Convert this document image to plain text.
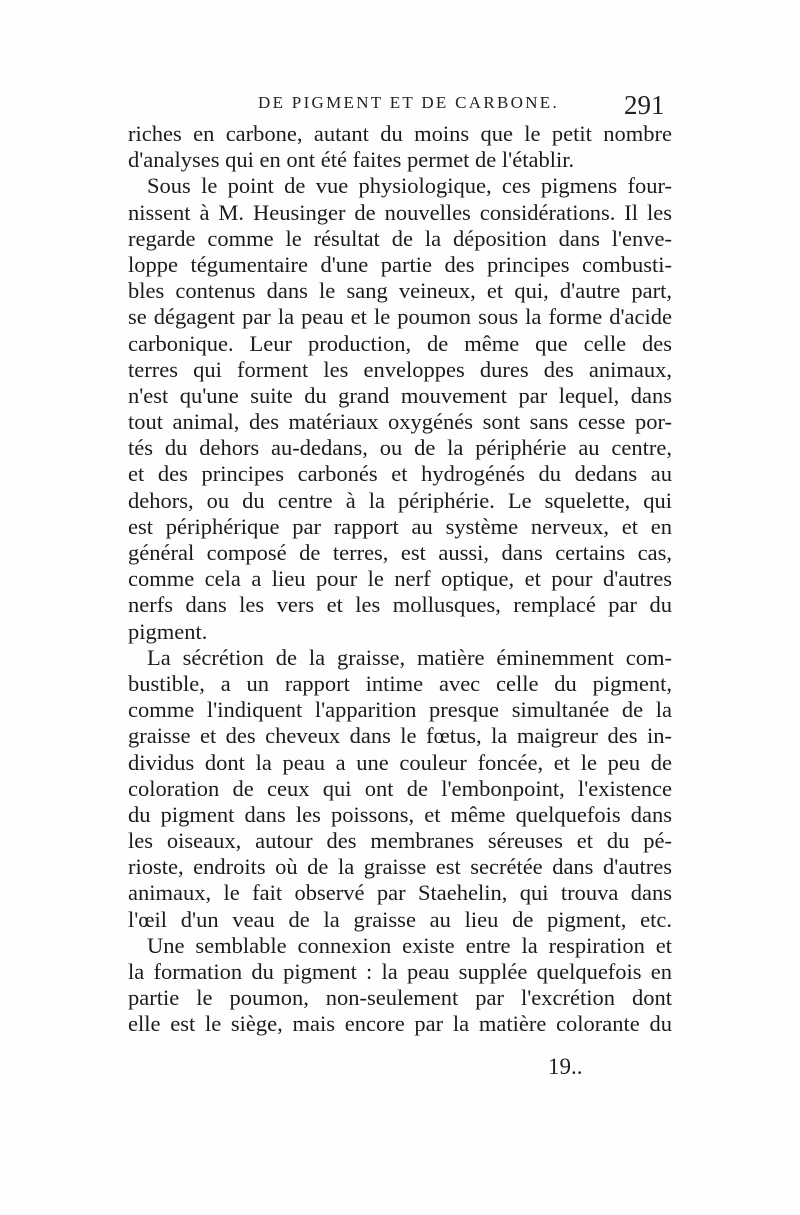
DE PIGMENT ET DE CARBONE. 291
riches en carbone, autant du moins que le petit nombre
d'analyses qui en ont été faites permet de l'établir.
Sous le point de vue physiologique, ces pigmens four-
nissent à M. Heusinger de nouvelles considérations. Il les
regarde comme le résultat de la déposition dans l'enve-
loppe tégumentaire d'une partie des principes combusti-
bles contenus dans le sang veineux, et qui, d'autre part,
se dégagent par la peau et le poumon sous la forme d'acide
carbonique. Leur production, de même que celle des
terres qui forment les enveloppes dures des animaux,
n'est qu'une suite du grand mouvement par lequel, dans
tout animal, des matériaux oxygénés sont sans cesse por-
tés du dehors au-dedans, ou de la périphérie au centre,
et des principes carbonés et hydrogénés du dedans au
dehors, ou du centre à la périphérie. Le squelette, qui
est périphérique par rapport au système nerveux, et en
général composé de terres, est aussi, dans certains cas,
comme cela a lieu pour le nerf optique, et pour d'autres
nerfs dans les vers et les mollusques, remplacé par du
pigment.
La sécrétion de la graisse, matière éminemment com-
bustible, a un rapport intime avec celle du pigment,
comme l'indiquent l'apparition presque simultanée de la
graisse et des cheveux dans le fœtus, la maigreur des in-
dividus dont la peau a une couleur foncée, et le peu de
coloration de ceux qui ont de l'embonpoint, l'existence
du pigment dans les poissons, et même quelquefois dans
les oiseaux, autour des membranes séreuses et du pé-
rioste, endroits où de la graisse est secrétée dans d'autres
animaux, le fait observé par Staehelin, qui trouva dans
l'œil d'un veau de la graisse au lieu de pigment, etc.
Une semblable connexion existe entre la respiration et
la formation du pigment : la peau supplée quelquefois en
partie le poumon, non-seulement par l'excrétion dont
elle est le siège, mais encore par la matière colorante du
19..
